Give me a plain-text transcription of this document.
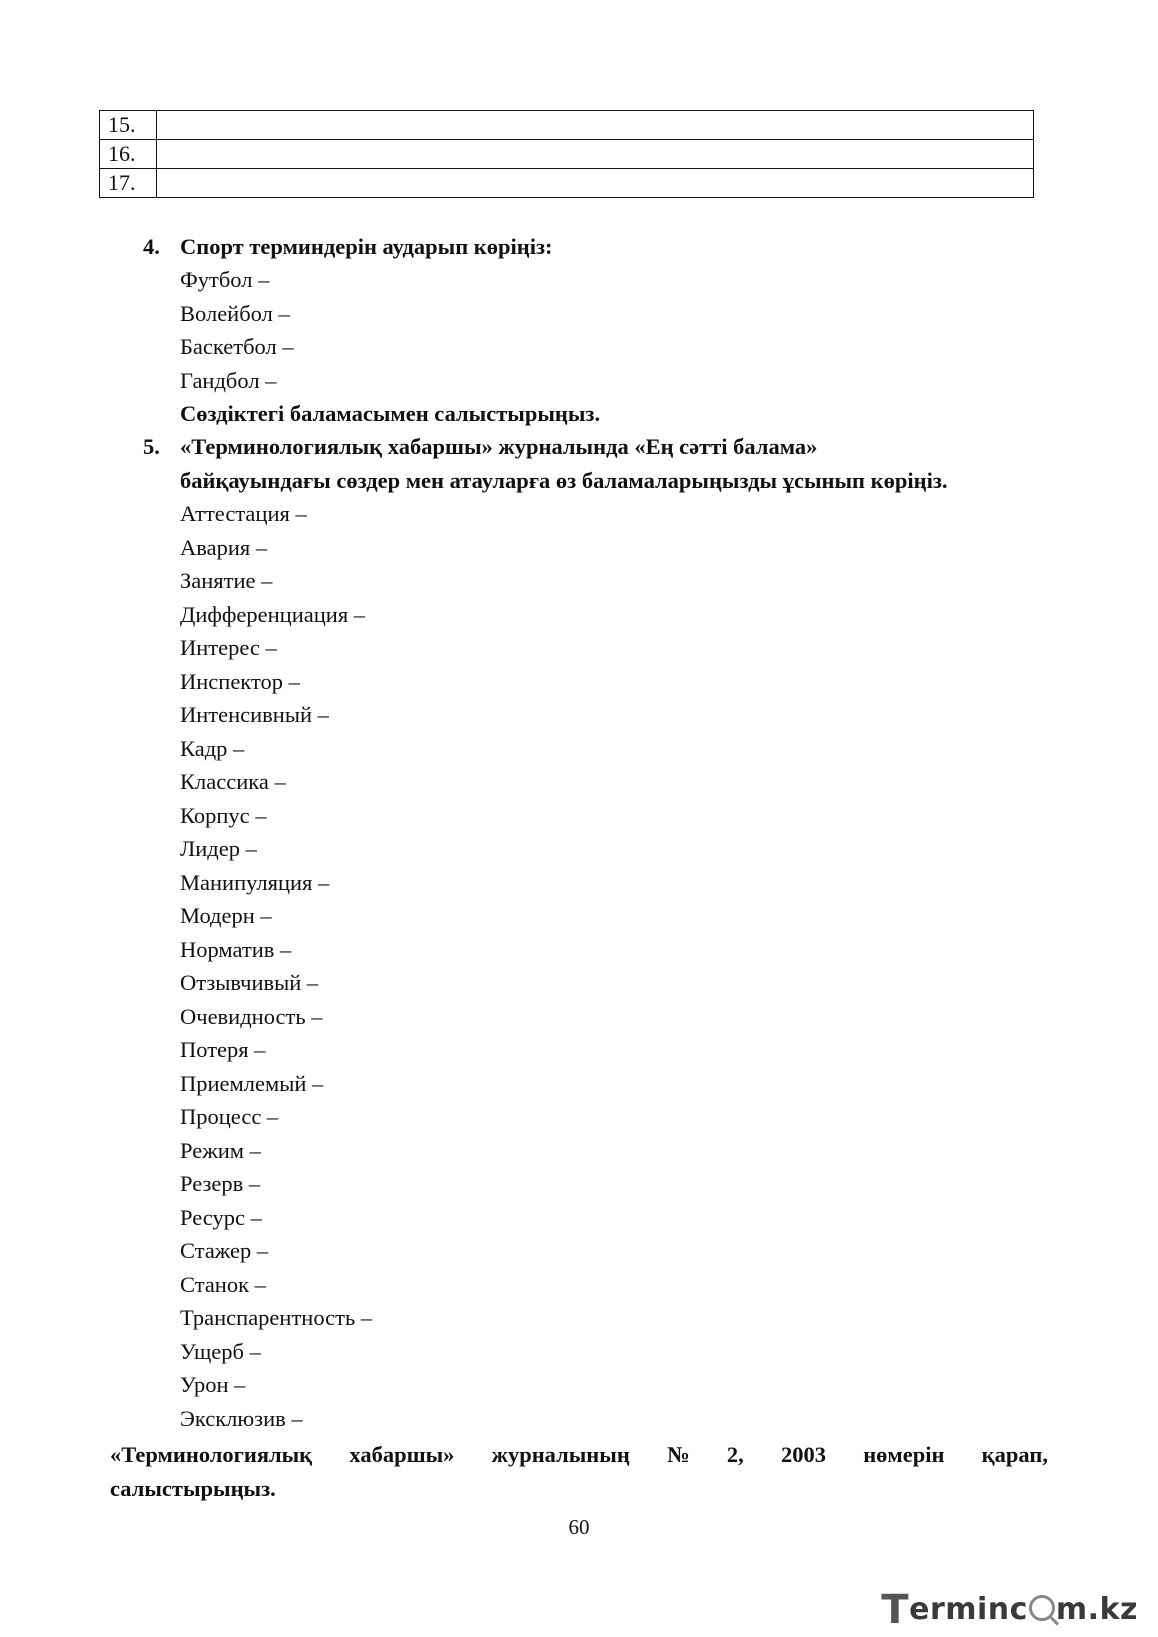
15.	
16.	
17.	
4. Спорт терминдерін аударып көріңіз:
Футбол –
Волейбол –
Баскетбол –
Гандбол –
Сөздіктегі баламасымен салыстырыңыз.
5. «Терминологиялық хабаршы» журналында «Ең сәтті балама»
байқауындағы сөздер мен атауларға өз баламаларыңызды ұсынып көріңіз.
Аттестация –
Авария –
Занятие –
Дифференциация –
Интерес –
Инспектор –
Интенсивный –
Кадр –
Классика –
Корпус –
Лидер –
Манипуляция –
Модерн –
Норматив –
Отзывчивый –
Очевидность –
Потеря –
Приемлемый –
Процесс –
Режим –
Резерв –
Ресурс –
Стажер –
Станок –
Транспарентность –
Ущерб –
Урон –
Эксклюзив –
«Терминологиялық хабаршы» журналының № 2, 2003 нөмерін қарап,
салыстырыңыз.
60
Terminc m.kz
